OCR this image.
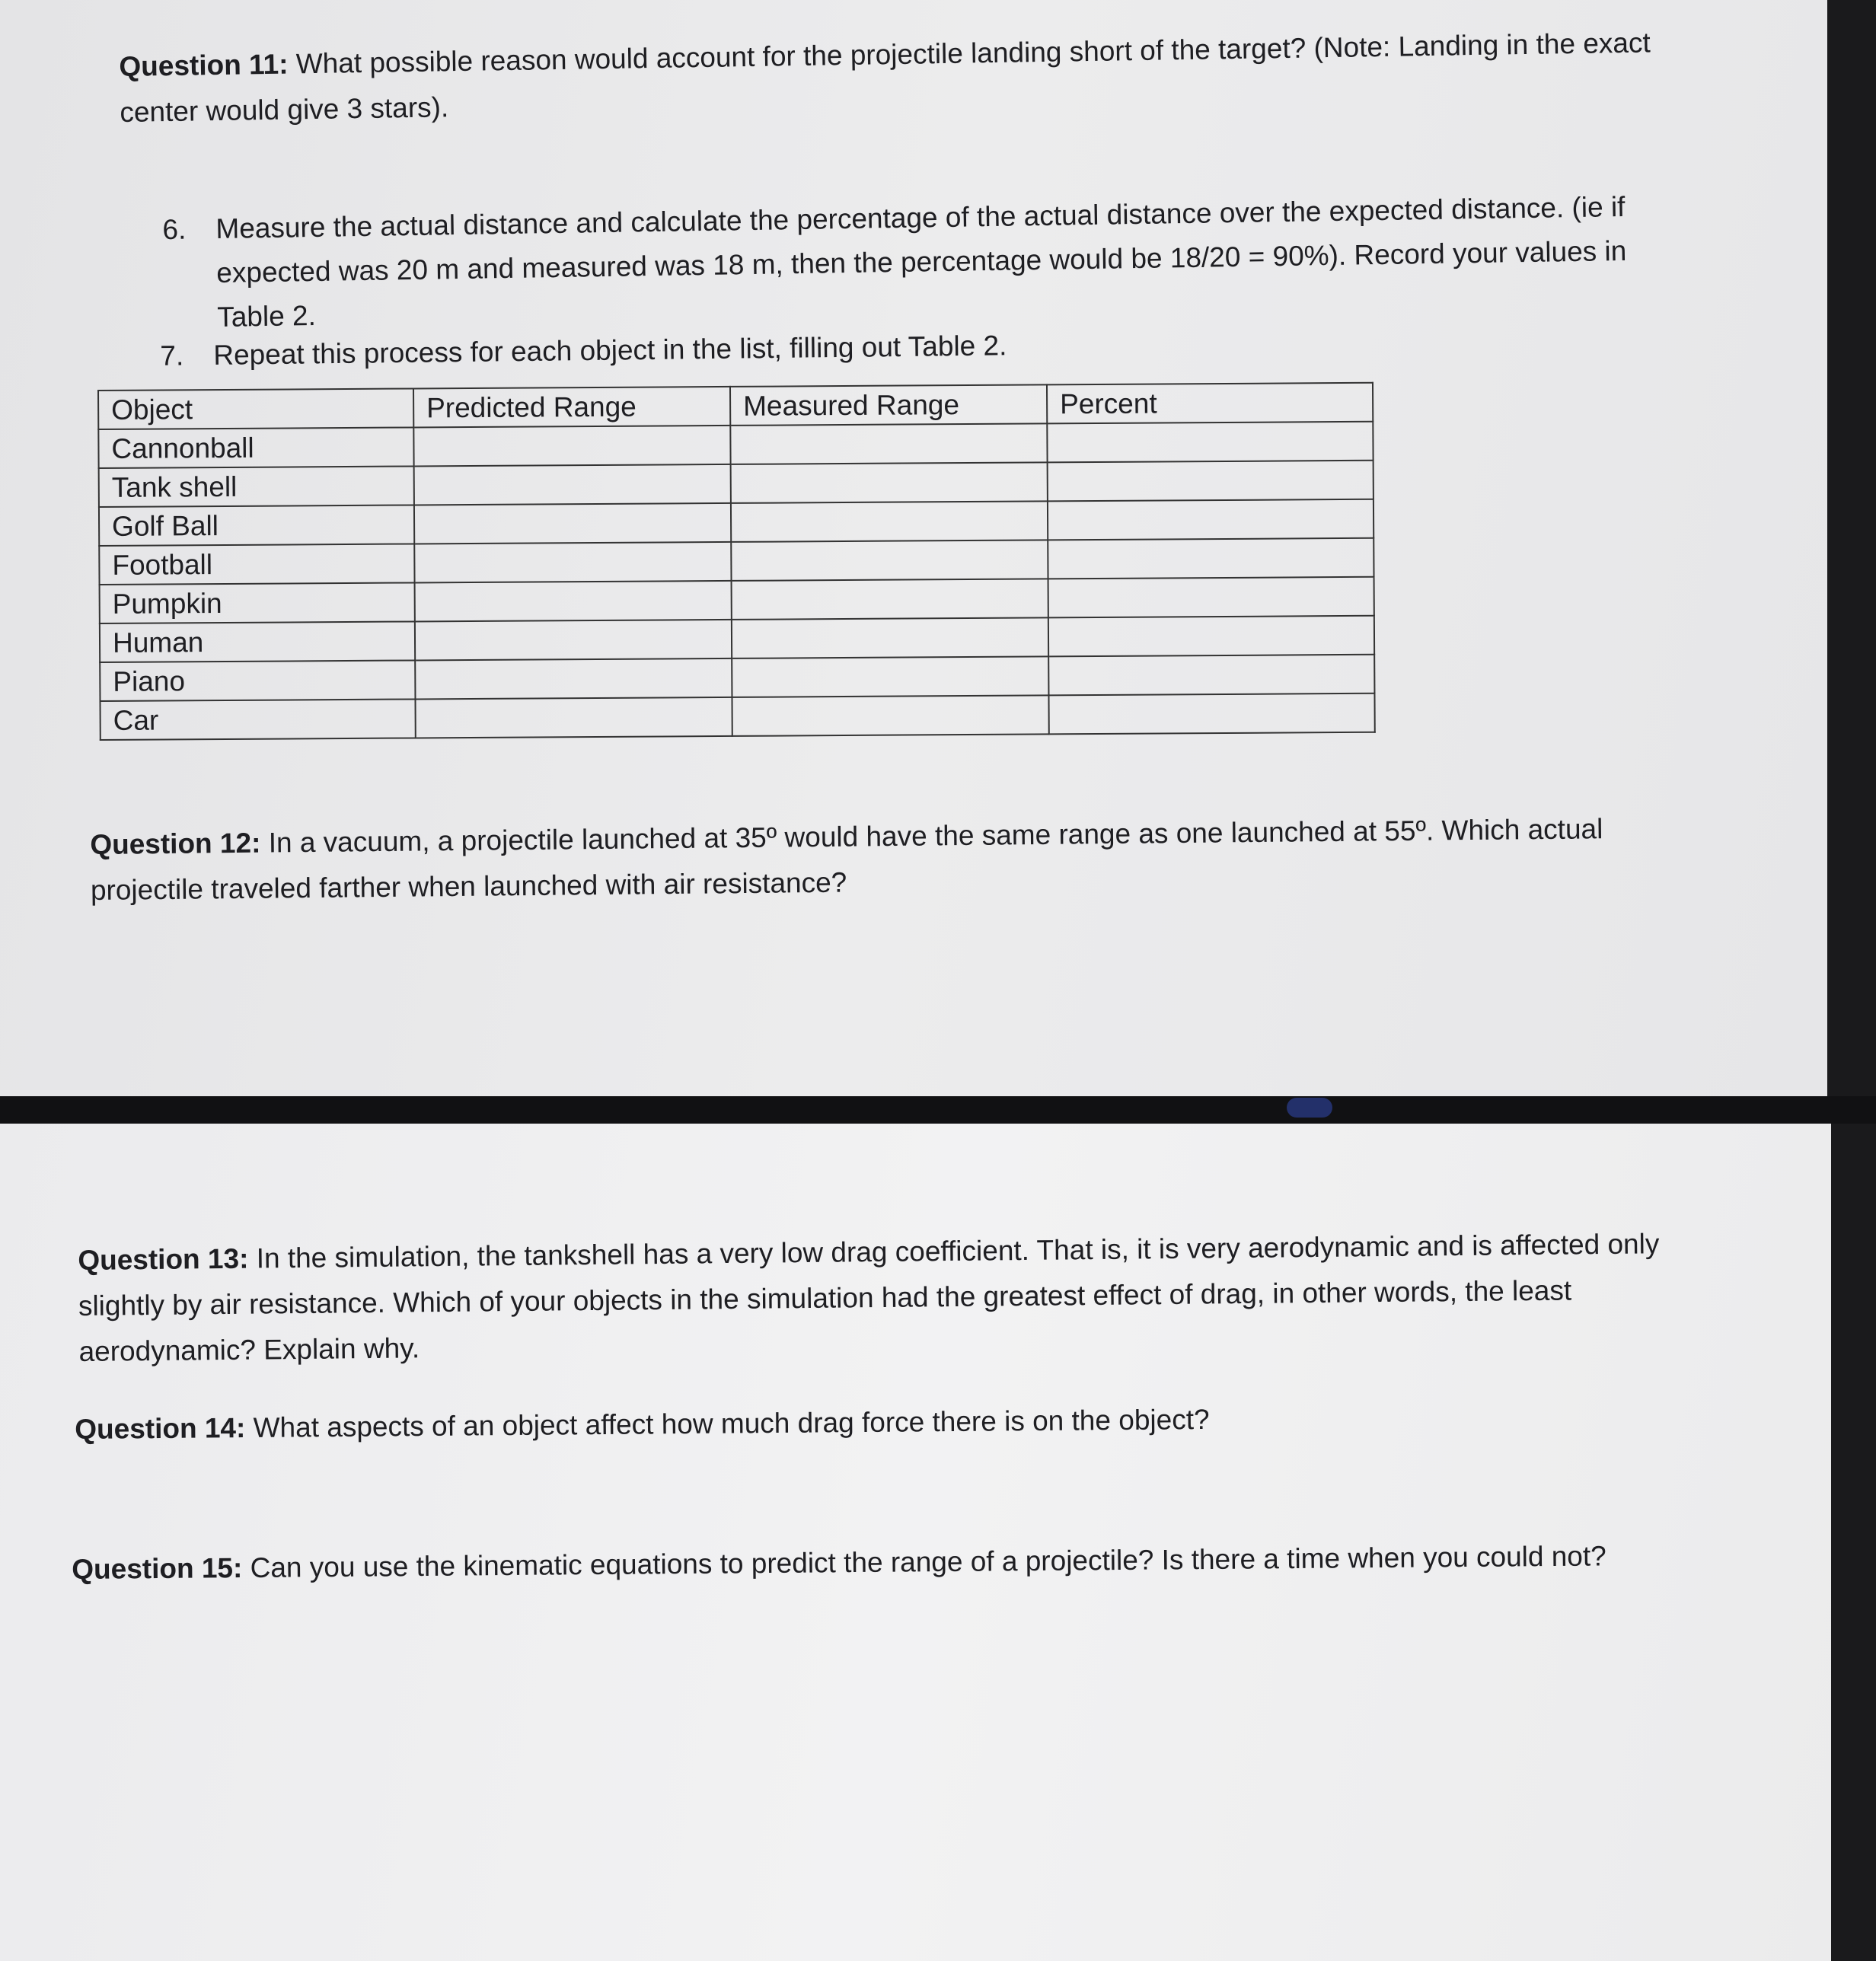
Question 11: What possible reason would account for the projectile landing short of the target? (Note: Landing in the exact center would give 3 stars).
6. Measure the actual distance and calculate the percentage of the actual distance over the expected distance. (ie if expected was 20 m and measured was 18 m, then the percentage would be 18/20 = 90%). Record your values in Table 2.
7. Repeat this process for each object in the list, filling out Table 2.
Object	Predicted Range	Measured Range	Percent
Cannonball			
Tank shell			
Golf Ball			
Football			
Pumpkin			
Human			
Piano			
Car			
Question 12: In a vacuum, a projectile launched at 35º would have the same range as one launched at 55º. Which actual projectile traveled farther when launched with air resistance?
Question 13: In the simulation, the tankshell has a very low drag coefficient. That is, it is very aerodynamic and is affected only slightly by air resistance. Which of your objects in the simulation had the greatest effect of drag, in other words, the least aerodynamic? Explain why.
Question 14: What aspects of an object affect how much drag force there is on the object?
Question 15: Can you use the kinematic equations to predict the range of a projectile? Is there a time when you could not?
